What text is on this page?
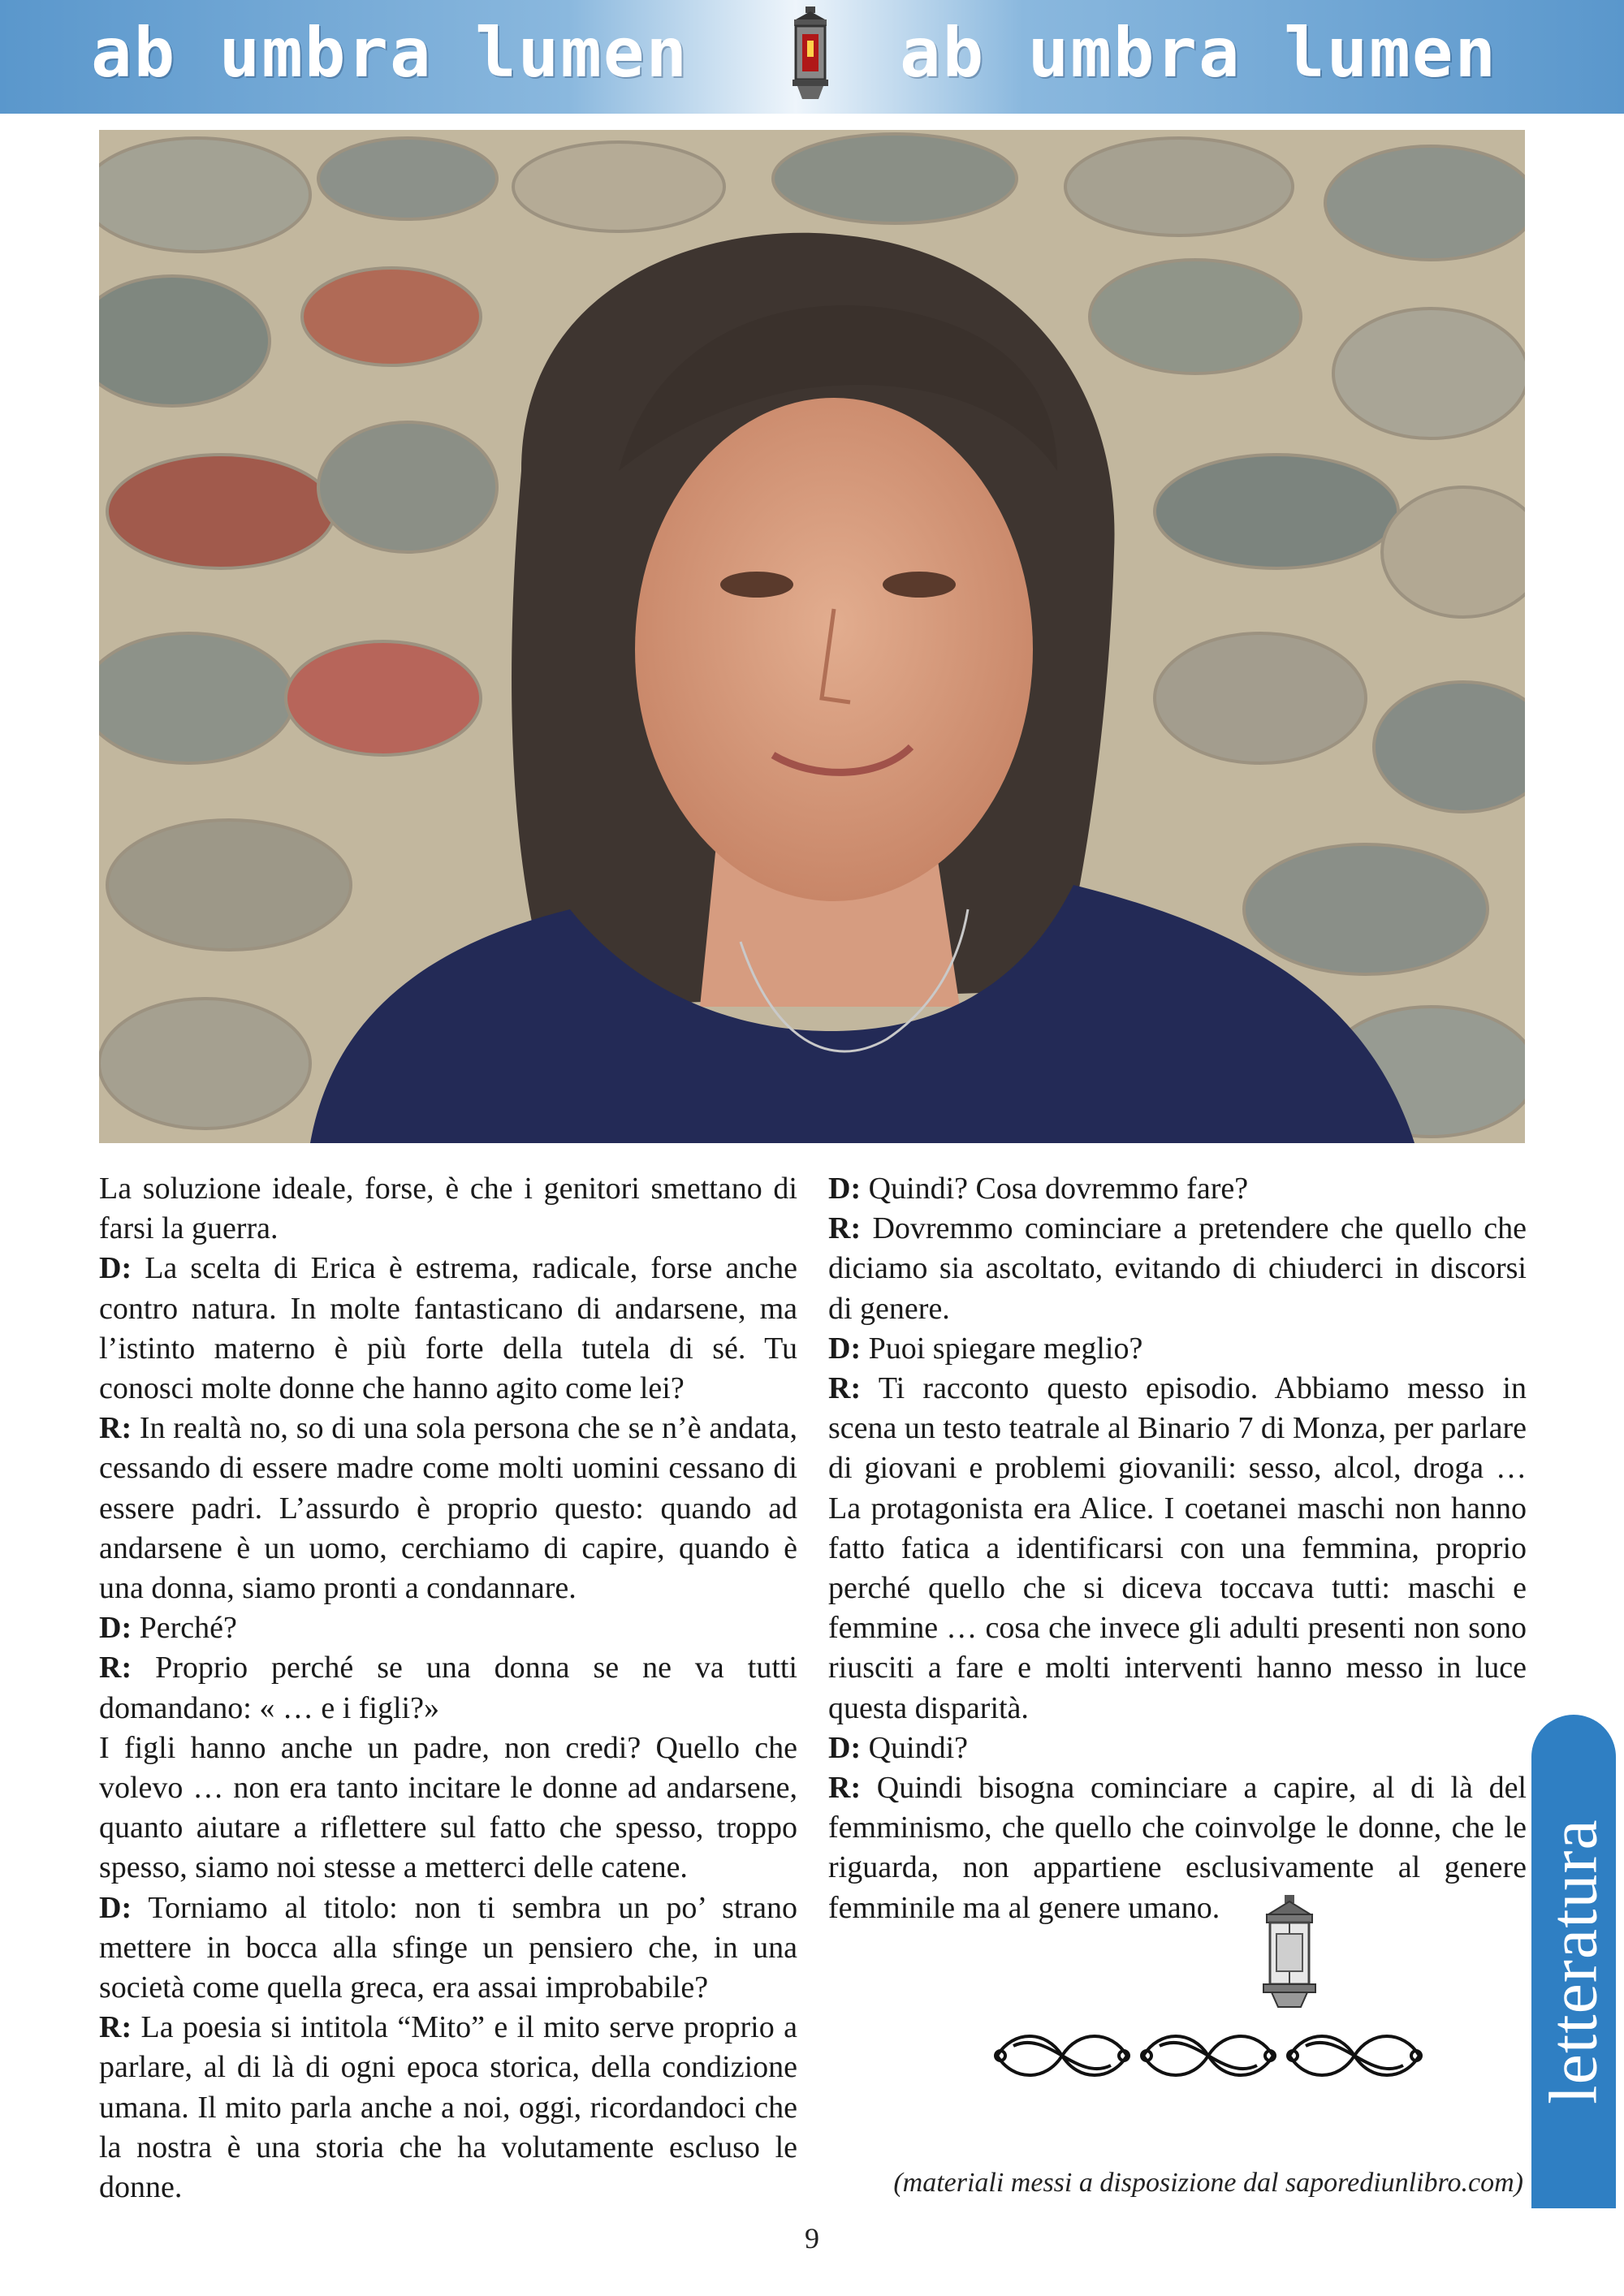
ab umbra lumen	ab umbra lumen

La soluzione ideale, forse, è che i genitori smettano di farsi la guerra.

D: La scelta di Erica è estrema, radicale, forse anche contro natura. In molte fantasticano di andarsene, ma l’istinto materno è più forte della tutela di sé. Tu conosci molte donne che hanno agito come lei?

R: In realtà no, so di una sola persona che se n’è andata, cessando di essere madre come molti uomini cessano di essere padri. L’assurdo è proprio questo: quando ad andarsene è un uomo, cerchiamo di capire, quando è una donna, siamo pronti a condannare.

D: Perché?

R: Proprio perché se una donna se ne va tutti domandano: « … e i figli?»

I figli hanno anche un padre, non credi? Quello che volevo … non era tanto incitare le donne ad andarsene, quanto aiutare a riflettere sul fatto che spesso, troppo spesso, siamo noi stesse a metterci delle catene.

D: Torniamo al titolo: non ti sembra un po’ strano mettere in bocca alla sfinge un pensiero che, in una società come quella greca, era assai improbabile?

R: La poesia si intitola “Mito” e il mito serve proprio a parlare, al di là di ogni epoca storica, della condizione umana. Il mito parla anche a noi, oggi, ricordandoci che la nostra è una storia che ha volutamente escluso le donne.

D: Quindi? Cosa dovremmo fare?

R: Dovremmo cominciare a pretendere che quello che diciamo sia ascoltato, evitando di chiuderci in discorsi di genere.

D: Puoi spiegare meglio?

R: Ti racconto questo episodio. Abbiamo messo in scena un testo teatrale al Binario 7 di Monza, per parlare di giovani e problemi giovanili: sesso, alcol, droga … La protagonista era Alice. I coetanei maschi non hanno fatto fatica a identificarsi con una femmina, proprio perché quello che si diceva toccava tutti: maschi e femmine … cosa che invece gli adulti presenti non sono riusciti a fare e molti interventi hanno messo in luce questa disparità.

D: Quindi?

R: Quindi bisogna cominciare a capire, al di là del femminismo, che quello che coinvolge le donne, che le riguarda, non appartiene esclusivamente al genere femminile ma al genere umano.

(materiali messi a disposizione dal saporediunlibro.com)
letteratura
9
